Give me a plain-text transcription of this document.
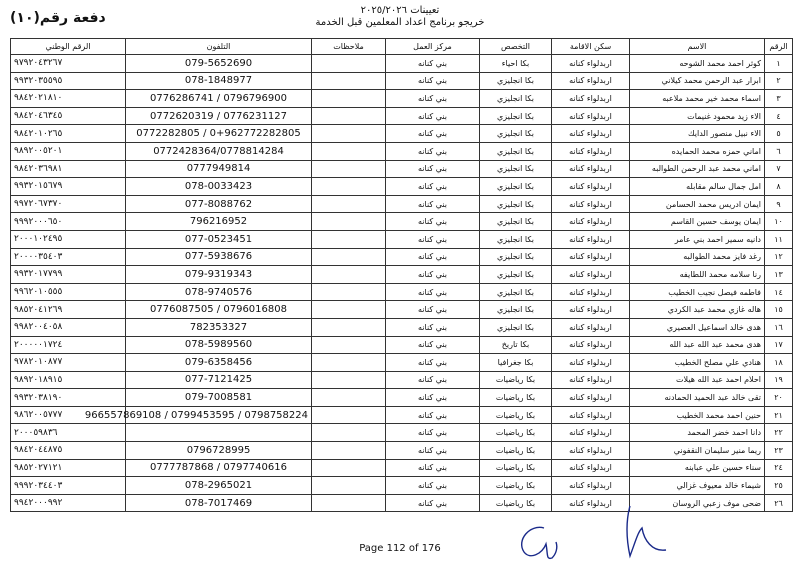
تعيينات ٢٠٢٥/٢٠٢٦
خريجو برنامج اعداد المعلمين قبل الخدمة
دفعة رقم(١٠)
الرقم	الاسم	سكن الاقامة	التخصص	مركز العمل	ملاحظات	التلفون	الرقم الوطني
١	كوثر احمد محمد الشوحه	اربدلواء كنانه	بكا احياء	بني كنانه		079-5652690	٩٧٩٢٠٤٣٢٦٧
٢	ابرار عبد الرحمن محمد كيلاني	اربدلواء كنانه	بكا انجليزي	بني كنانه		078-1848977	٩٩٣٢٠٣٥٥٩٥
٣	اسماء محمد خير محمد ملاعبه	اربدلواء كنانه	بكا انجليزي	بني كنانه		0796796900 / 0776286741	٩٨٤٢٠٢١٨١٠
٤	الاء زيد محمود غنيمات	اربدلواء كنانه	بكا انجليزي	بني كنانه		0776231127 / 0772620319	٩٨٤٢٠٤٦٣٤٥
٥	الاء نبيل منصور الدايك	اربدلواء كنانه	بكا انجليزي	بني كنانه		0+962772282805 / 0772282805	٩٨٤٢٠١٠٢٦٥
٦	اماني حمزه محمد الحمايده	اربدلواء كنانه	بكا انجليزي	بني كنانه		0772428364/0778814284	٩٨٩٢٠٠٥٢٠١
٧	اماني محمد عبد الرحمن الطوالبه	اربدلواء كنانه	بكا انجليزي	بني كنانه		0777949814	٩٨٤٢٠٣٦٩٨١
٨	امل جمال سالم مقابله	اربدلواء كنانه	بكا انجليزي	بني كنانه		078-0033423	٩٩٣٢٠١٥٦٧٩
٩	ايمان ادريس محمد الحسامن	اربدلواء كنانه	بكا انجليزي	بني كنانه		077-8088762	٩٩٧٢٠٦٧٣٧٠
١٠	ايمان يوسف حسين القاسم	اربدلواء كنانه	بكا انجليزي	بني كنانه		796216952	٩٩٩٢٠٠٠٦٥٠
١١	دانيه سمير احمد بني عامر	اربدلواء كنانه	بكا انجليزي	بني كنانه		077-0523451	٢٠٠٠١٠٢٤٩٥
١٢	رغد فايز محمد الطوالبه	اربدلواء كنانه	بكا انجليزي	بني كنانه		077-5938676	٢٠٠٠٠٣٥٤٠٣
١٣	رنا سلامه محمد اللطايفه	اربدلواء كنانه	بكا انجليزي	بني كنانه		079-9319343	٩٩٣٢٠١٧٧٩٩
١٤	فاطمه فيصل نجيب الخطيب	اربدلواء كنانه	بكا انجليزي	بني كنانه		078-9740576	٩٩٦٢٠١٠٥٥٥
١٥	هاله غازي محمد عبد الكردي	اربدلواء كنانه	بكا انجليزي	بني كنانه		0796016808 / 0776087505	٩٨٥٢٠٤١٢٦٩
١٦	هدى خالد اسماعيل العصيري	اربدلواء كنانه	بكا انجليزي	بني كنانه		782353327	٩٩٨٢٠٠٤٠٥٨
١٧	هدى محمد عبد الله عبد الله	اربدلواء كنانه	بكا تاريخ	بني كنانه		078-5989560	٢٠٠٠٠٠١٧٢٤
١٨	هنادي علي مصلح الخطيب	اربدلواء كنانه	بكا جغرافيا	بني كنانه		079-6358456	٩٧٨٢٠١٠٨٧٧
١٩	احلام احمد عبد الله هيلات	اربدلواء كنانه	بكا رياضيات	بني كنانه		077-7121425	٩٨٩٢٠١٨٩١٥
٢٠	تقى خالد عبد الحميد الحمادنه	اربدلواء كنانه	بكا رياضيات	بني كنانه		079-7008581	٩٩٣٢٠٣٨١٩٠
٢١	حنين احمد محمد الخطيب	اربدلواء كنانه	بكا رياضيات	بني كنانه		0798758224 / 0799453595 / 966557869108	٩٨٦٢٠٠٥٧٧٧
٢٢	دانا احمد خضر المحمد	اربدلواء كنانه	بكا رياضيات	بني كنانه			٢٠٠٠٥٩٨٣٦
٢٣	ريما منير سليمان النقفوني	اربدلواء كنانه	بكا رياضيات	بني كنانه		0796728995	٩٨٤٢٠٤٤٨٧٥
٢٤	سناء حسين علي عبابنه	اربدلواء كنانه	بكا رياضيات	بني كنانه		0797740616 / 0777787868	٩٨٥٢٠٢٧١٢١
٢٥	شيماء خالد معيوف غزالي	اربدلواء كنانه	بكا رياضيات	بني كنانه		078-2965021	٩٩٩٢٠٣٤٤٠٣
٢٦	ضحى موف زعبي الروسان	اربدلواء كنانه	بكا رياضيات	بني كنانه		078-7017469	٩٩٤٢٠٠٠٩٩٢
Page 112 of 176
